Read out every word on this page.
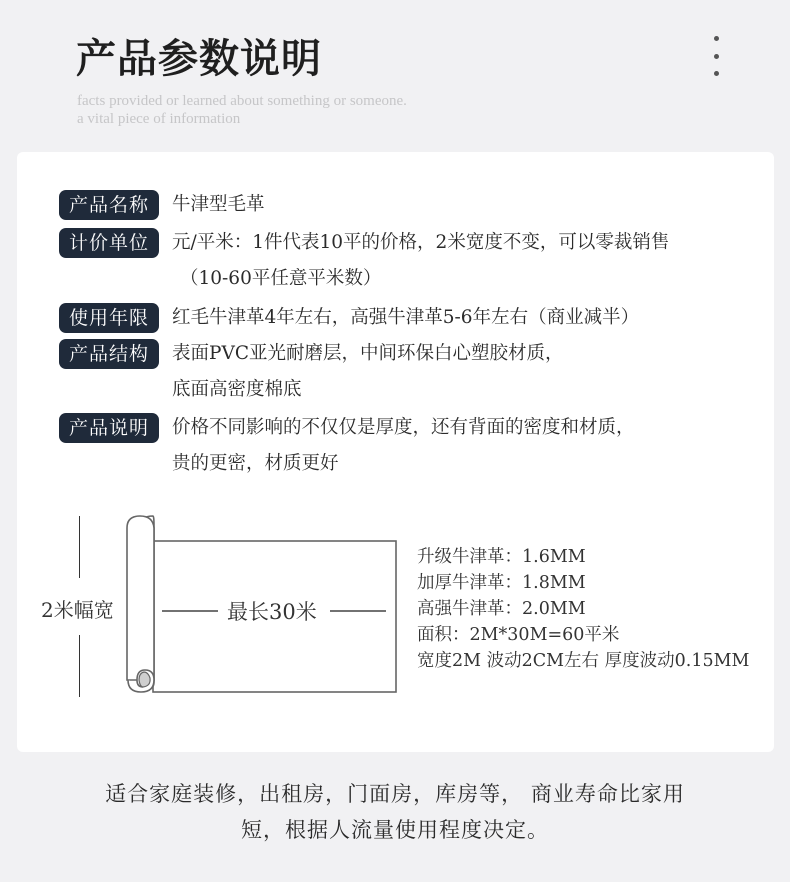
产品参数说明
facts provided or learned about something or someone.
a vital piece of information
产品名称	牛津型毛革
计价单位	元/平米：1件代表10平的价格，2米宽度不变，可以零裁销售
（10-60平任意平米数）
使用年限	红毛牛津革4年左右，高强牛津革5-6年左右（商业减半）
产品结构	表面PVC亚光耐磨层，中间环保白心塑胶材质，
底面高密度棉底
产品说明	价格不同影响的不仅仅是厚度，还有背面的密度和材质，
贵的更密，材质更好
2米幅宽	最长30米
升级牛津革：1.6MM
加厚牛津革：1.8MM
高强牛津革：2.0MM
面积：2M*30M=60平米
宽度2M 波动2CM左右 厚度波动0.15MM
适合家庭装修，出租房，门面房，库房等， 商业寿命比家用
短，根据人流量使用程度决定。
